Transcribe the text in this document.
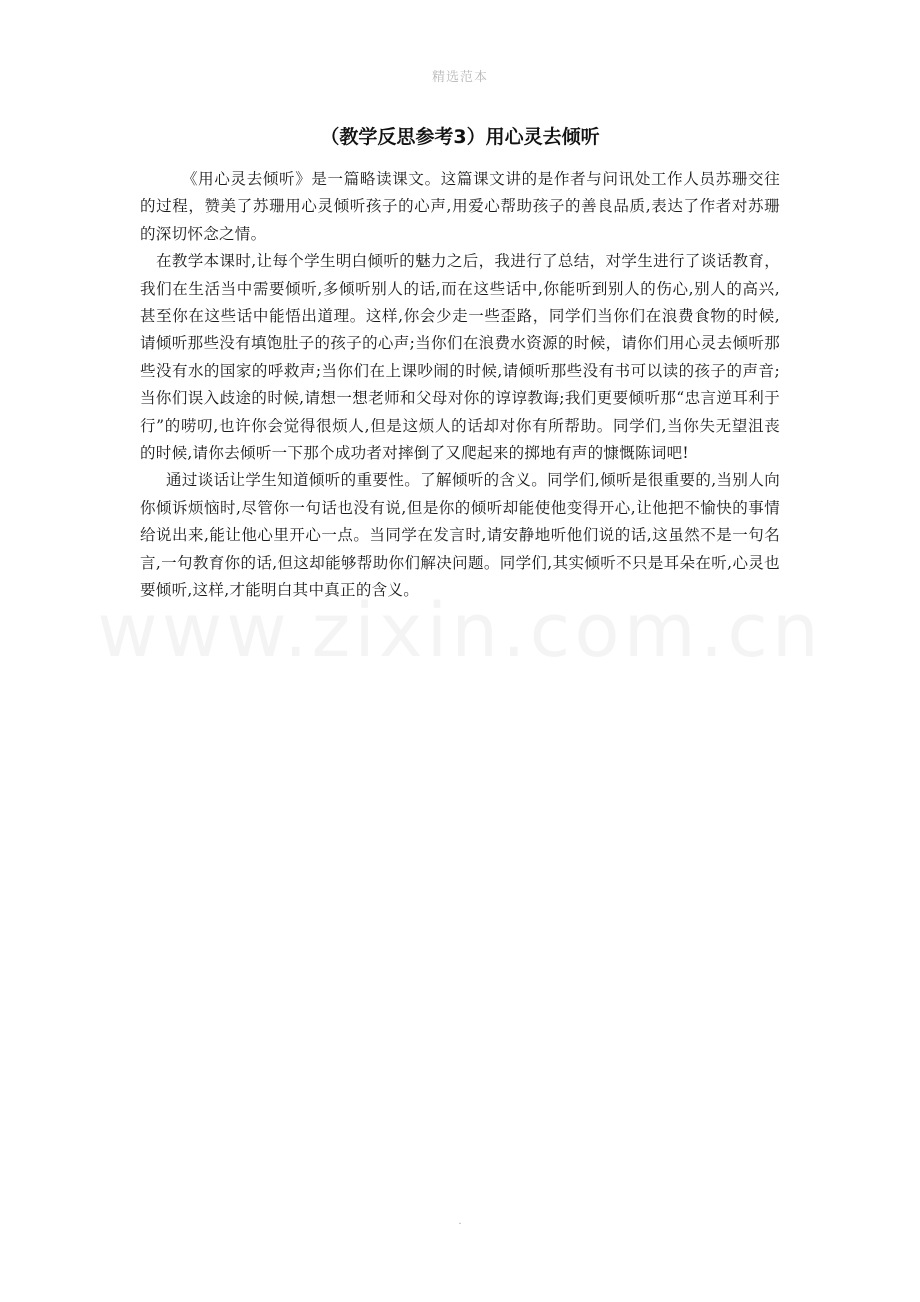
精选范本
（教学反思参考3）用心灵去倾听

《用心灵去倾听》是一篇略读课文。这篇课文讲的是作者与问讯处工作人员苏珊交往的过程，赞美了苏珊用心灵倾听孩子的心声,用爱心帮助孩子的善良品质,表达了作者对苏珊的深切怀念之情。

在教学本课时,让每个学生明白倾听的魅力之后，我进行了总结，对学生进行了谈话教育，我们在生活当中需要倾听,多倾听别人的话,而在这些话中,你能听到别人的伤心,别人的高兴,甚至你在这些话中能悟出道理。这样,你会少走一些歪路，同学们当你们在浪费食物的时候,请倾听那些没有填饱肚子的孩子的心声;当你们在浪费水资源的时候，请你们用心灵去倾听那些没有水的国家的呼救声;当你们在上课吵闹的时候,请倾听那些没有书可以读的孩子的声音;当你们误入歧途的时候,请想一想老师和父母对你的谆谆教诲;我们更要倾听那“忠言逆耳利于行”的唠叨,也许你会觉得很烦人,但是这烦人的话却对你有所帮助。同学们,当你失无望沮丧的时候,请你去倾听一下那个成功者对摔倒了又爬起来的掷地有声的慷慨陈词吧!

通过谈话让学生知道倾听的重要性。了解倾听的含义。同学们,倾听是很重要的,当别人向你倾诉烦恼时,尽管你一句话也没有说,但是你的倾听却能使他变得开心,让他把不愉快的事情给说出来,能让他心里开心一点。当同学在发言时,请安静地听他们说的话,这虽然不是一句名言,一句教育你的话,但这却能够帮助你们解决问题。同学们,其实倾听不只是耳朵在听,心灵也要倾听,这样,才能明白其中真正的含义。

.
